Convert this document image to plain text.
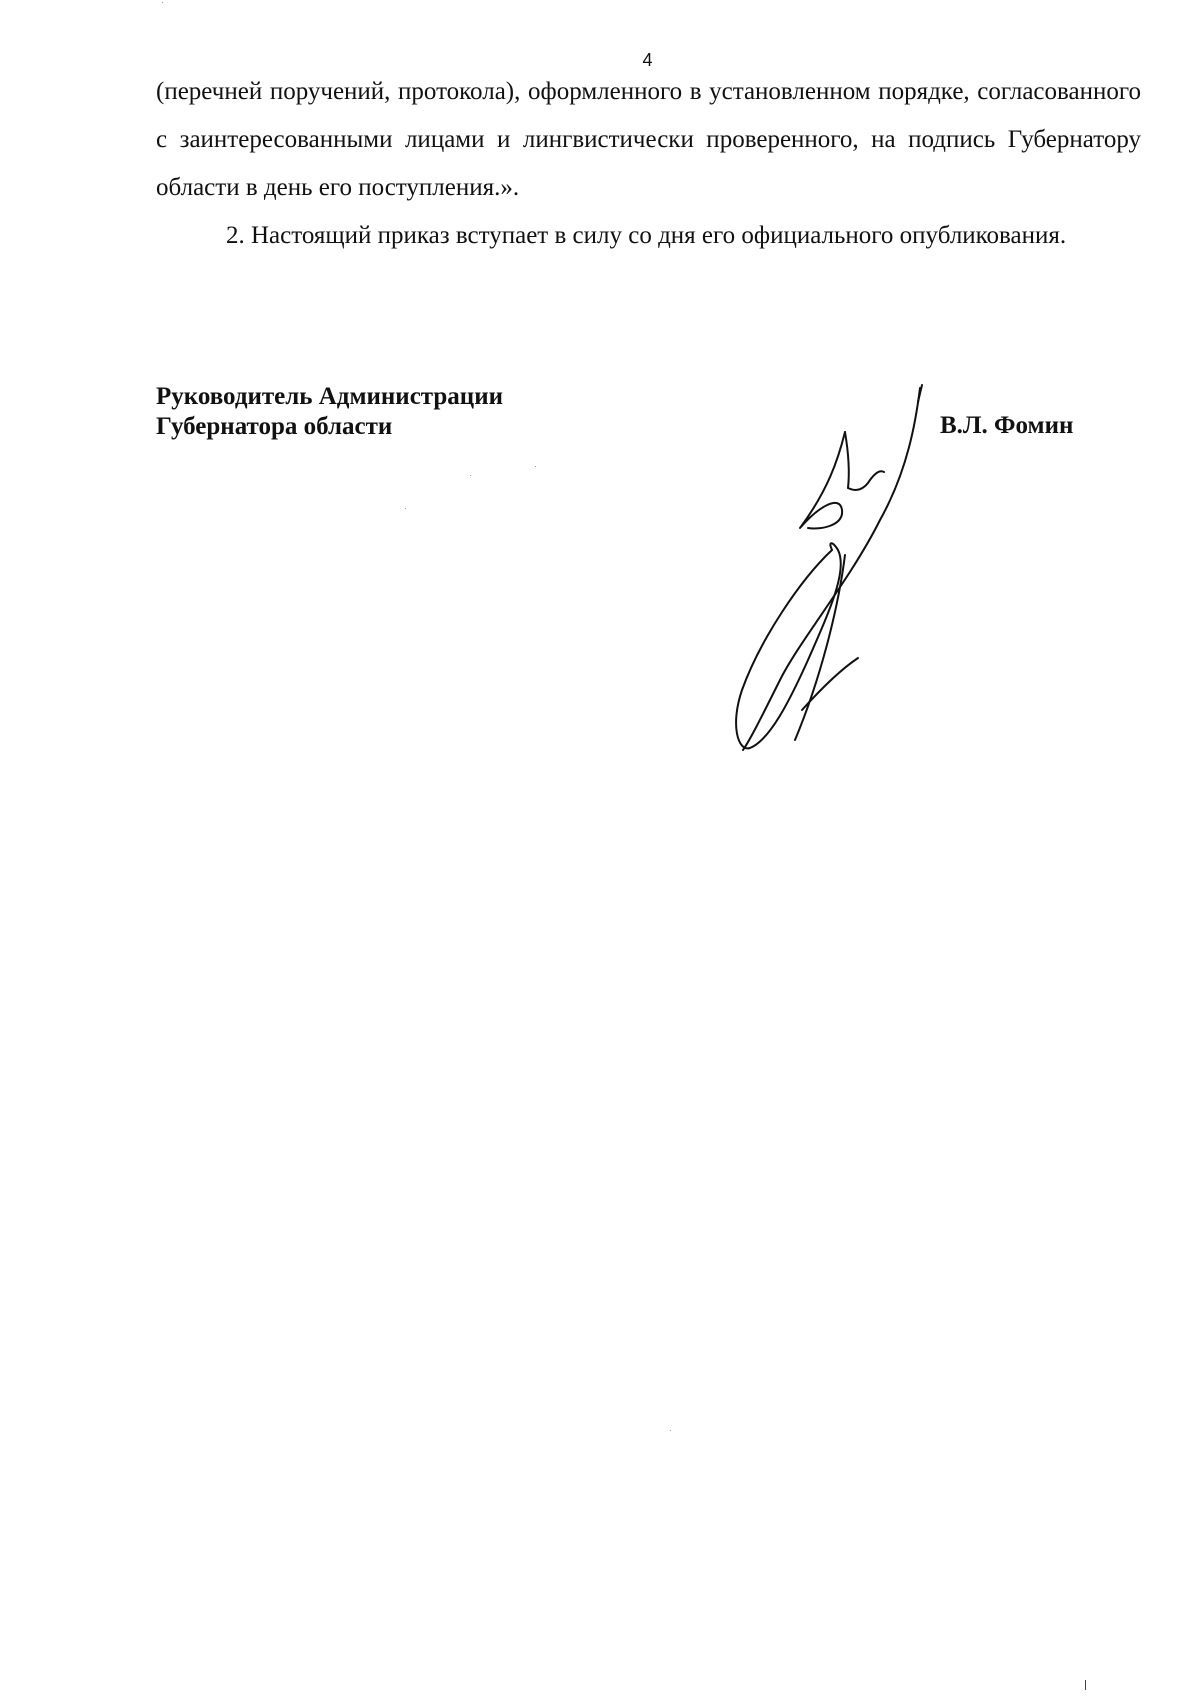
4

(перечней поручений, протокола), оформленного в установленном порядке, согласованного с заинтересованными лицами и лингвистически проверенного, на подпись Губернатору области в день его поступления.».

2. Настоящий приказ вступает в силу со дня его официального опубликования.

Руководитель Администрации
Губернатора области	В.Л. Фомин
